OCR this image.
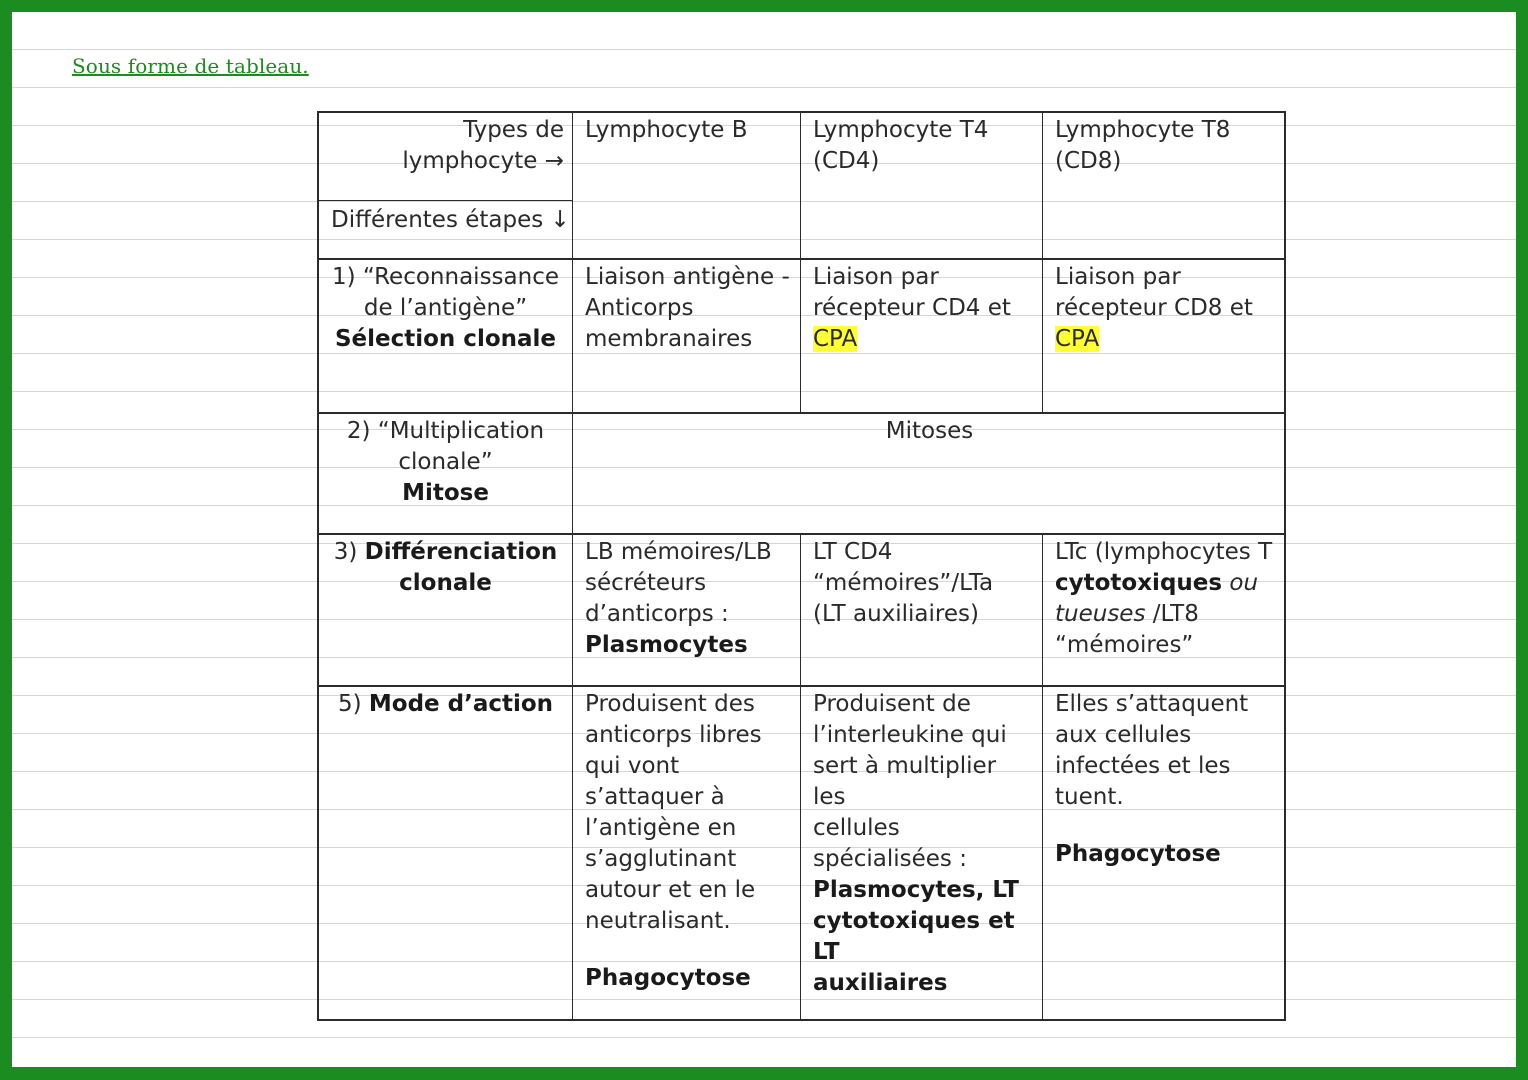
Sous forme de tableau.
Types de
lymphocyte →
Différentes étapes ↓
Lymphocyte B	Lymphocyte T4
(CD4)
Lymphocyte T8
(CD8)
1) “Reconnaissance
de l’antigène”
Sélection clonale
Liaison antigène -
Anticorps
membranaires
Liaison par
récepteur CD4 et
CPA
Liaison par
récepteur CD8 et
CPA
2) “Multiplication
clonale”
Mitose
Mitoses
3) Différenciation
clonale
LB mémoires/LB
sécréteurs
d’anticorps :
Plasmocytes
LT CD4
“mémoires”/LTa
(LT auxiliaires)
LTc (lymphocytes T
cytotoxiques ou
tueuses /LT8
“mémoires”
5) Mode d’action	Produisent des
anticorps libres
qui vont
s’attaquer à
l’antigène en
s’agglutinant
autour et en le
neutralisant.
Phagocytose
Produisent de
l’interleukine qui
sert à multiplier les
cellules
spécialisées :
Plasmocytes, LT
cytotoxiques et LT
auxiliaires
Elles s’attaquent
aux cellules
infectées et les
tuent.
Phagocytose
